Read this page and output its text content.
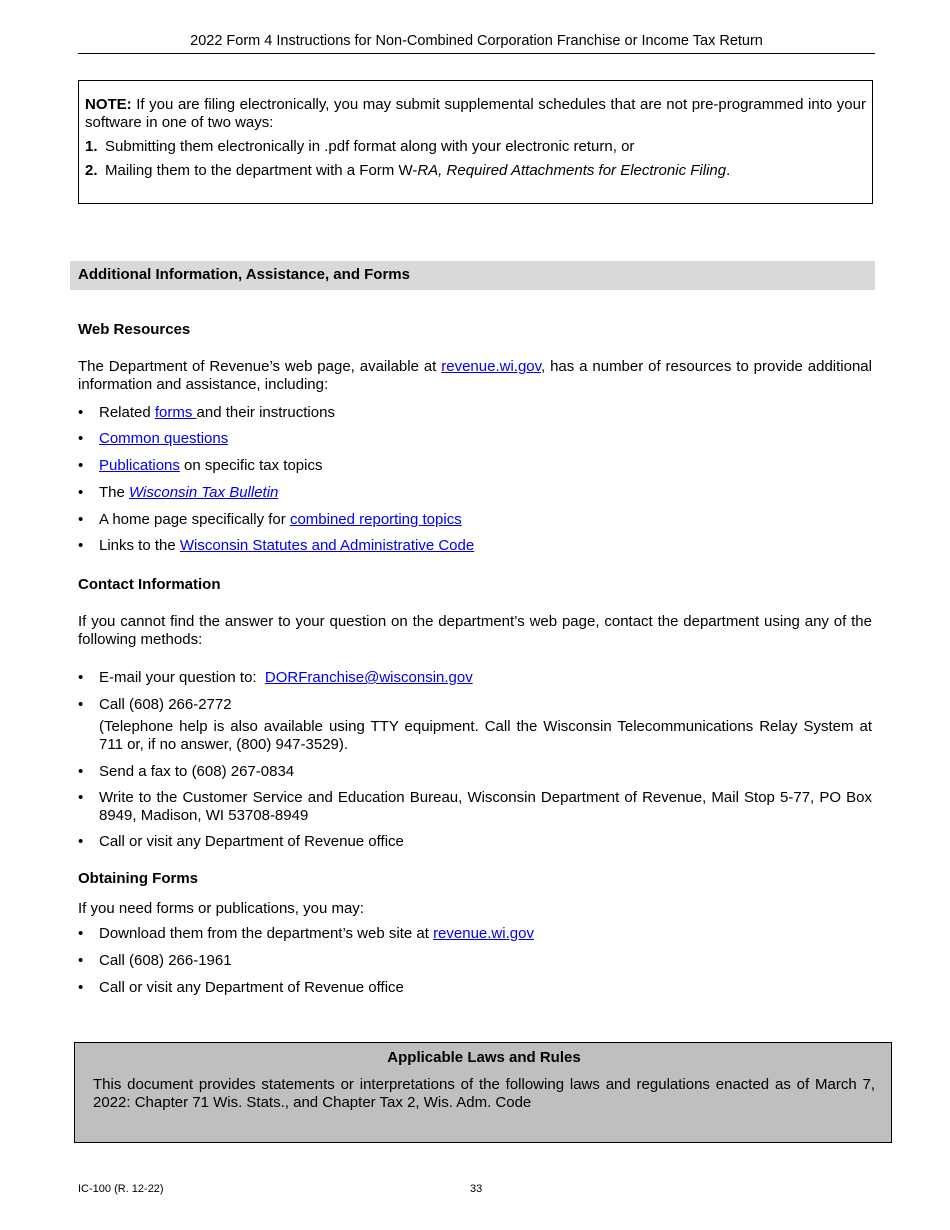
2022 Form 4 Instructions for Non-Combined Corporation Franchise or Income Tax Return

NOTE: If you are filing electronically, you may submit supplemental schedules that are not pre-programmed into your software in one of two ways:

1. Submitting them electronically in .pdf format along with your electronic return, or
2. Mailing them to the department with a Form W-RA, Required Attachments for Electronic Filing.
Additional Information, Assistance, and Forms
Web Resources

The Department of Revenue’s web page, available at revenue.wi.gov, has a number of resources to provide additional information and assistance, including:

• Related forms and their instructions
• Common questions
• Publications on specific tax topics
• The Wisconsin Tax Bulletin
• A home page specifically for combined reporting topics
• Links to the Wisconsin Statutes and Administrative Code
Contact Information

If you cannot find the answer to your question on the department’s web page, contact the department using any of the following methods:

• E-mail your question to:  DORFranchise@wisconsin.gov
• Call (608) 266-2772
(Telephone help is also available using TTY equipment. Call the Wisconsin Telecommunications Relay System at 711 or, if no answer, (800) 947-3529).
• Send a fax to (608) 267-0834
• Write to the Customer Service and Education Bureau, Wisconsin Department of Revenue, Mail Stop 5-77, PO Box 8949, Madison, WI 53708-8949
• Call or visit any Department of Revenue office
Obtaining Forms

If you need forms or publications, you may:

• Download them from the department’s web site at revenue.wi.gov
• Call (608) 266-1961
• Call or visit any Department of Revenue office
Applicable Laws and Rules
This document provides statements or interpretations of the following laws and regulations enacted as of March 7, 2022: Chapter 71 Wis. Stats., and Chapter Tax 2, Wis. Adm. Code
IC-100 (R. 12-22)	33
